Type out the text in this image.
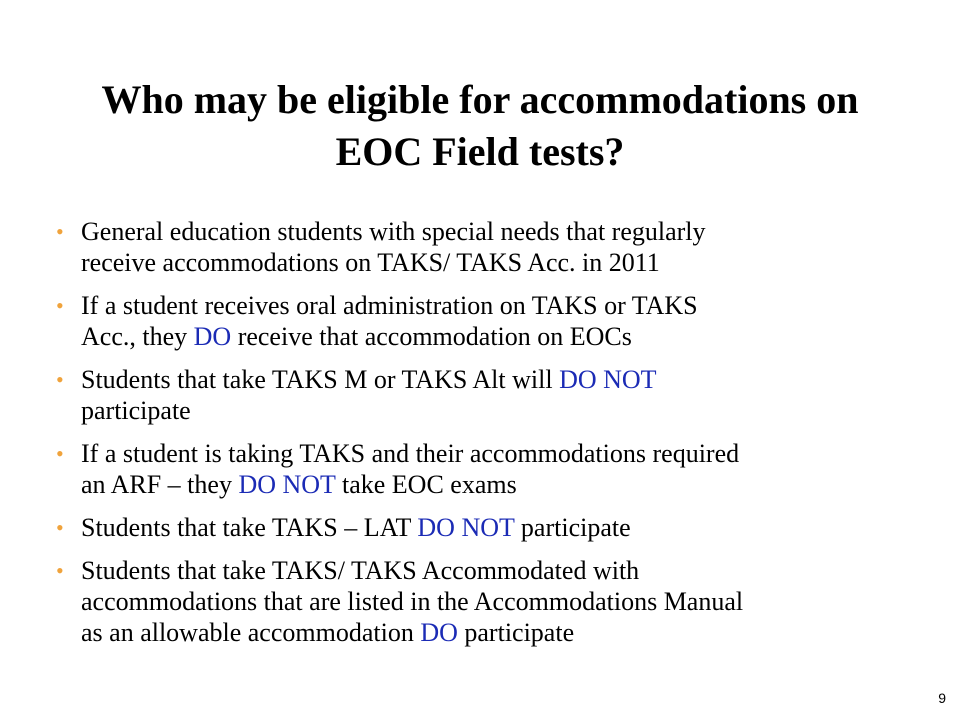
Who may be eligible for accommodations on
EOC Field tests?
• General education students with special needs that regularly
receive accommodations on TAKS/ TAKS Acc. in 2011
• If a student receives oral administration on TAKS or TAKS
Acc., they DO receive that accommodation on EOCs
• Students that take TAKS M or TAKS Alt will DO NOT
participate
• If a student is taking TAKS and their accommodations required
an ARF – they DO NOT take EOC exams
• Students that take TAKS – LAT DO NOT participate
• Students that take TAKS/ TAKS Accommodated with
accommodations that are listed in the Accommodations Manual
as an allowable accommodation DO participate
9
